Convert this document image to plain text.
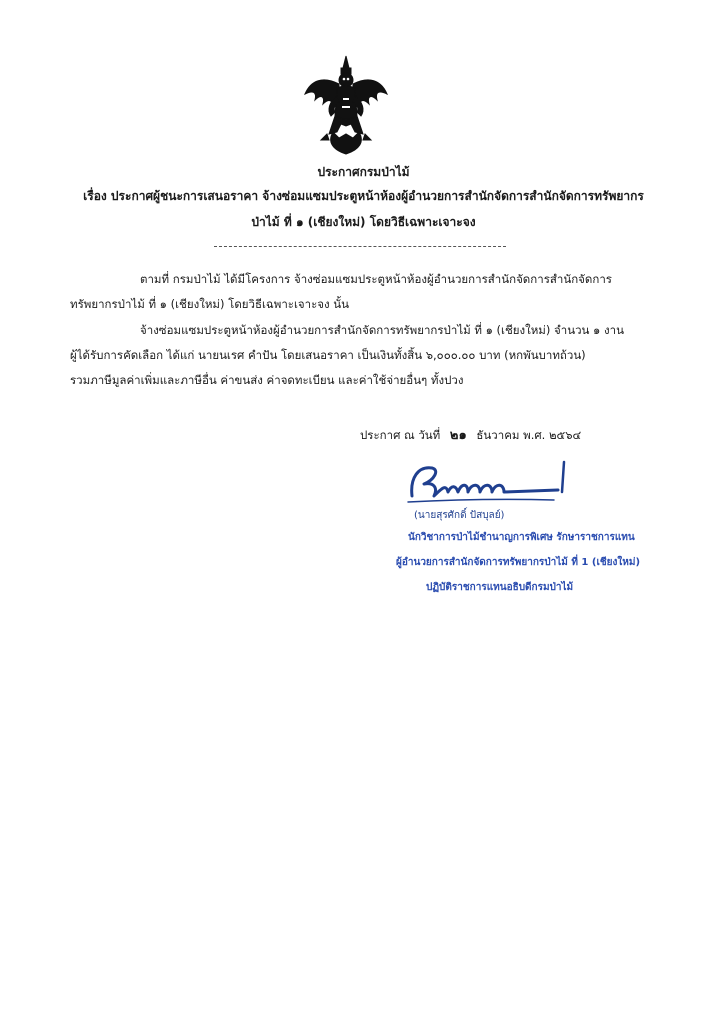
ประกาศกรมป่าไม้
เรื่อง ประกาศผู้ชนะการเสนอราคา จ้างซ่อมแซมประตูหน้าห้องผู้อำนวยการสำนักจัดการสำนักจัดการทรัพยากร
ป่าไม้ ที่ ๑ (เชียงใหม่) โดยวิธีเฉพาะเจาะจง
ตามที่ กรมป่าไม้ ได้มีโครงการ จ้างซ่อมแซมประตูหน้าห้องผู้อำนวยการสำนักจัดการสำนักจัดการ
ทรัพยากรป่าไม้ ที่ ๑ (เชียงใหม่) โดยวิธีเฉพาะเจาะจง นั้น
จ้างซ่อมแซมประตูหน้าห้องผู้อำนวยการสำนักจัดการทรัพยากรป่าไม้ ที่ ๑ (เชียงใหม่) จำนวน ๑ งาน
ผู้ได้รับการคัดเลือก ได้แก่ นายนเรศ คำปัน โดยเสนอราคา เป็นเงินทั้งสิ้น ๖,๐๐๐.๐๐ บาท (หกพันบาทถ้วน)
รวมภาษีมูลค่าเพิ่มและภาษีอื่น ค่าขนส่ง ค่าจดทะเบียน และค่าใช้จ่ายอื่นๆ ทั้งปวง
ประกาศ ณ วันที่ ๒๑ ธันวาคม พ.ศ. ๒๕๖๔
(นายสุรศักดิ์ ปัสบุลย์)
นักวิชาการป่าไม้ชำนาญการพิเศษ รักษาราชการแทน
ผู้อำนวยการสำนักจัดการทรัพยากรป่าไม้ ที่ 1 (เชียงใหม่)
ปฏิบัติราชการแทนอธิบดีกรมป่าไม้
